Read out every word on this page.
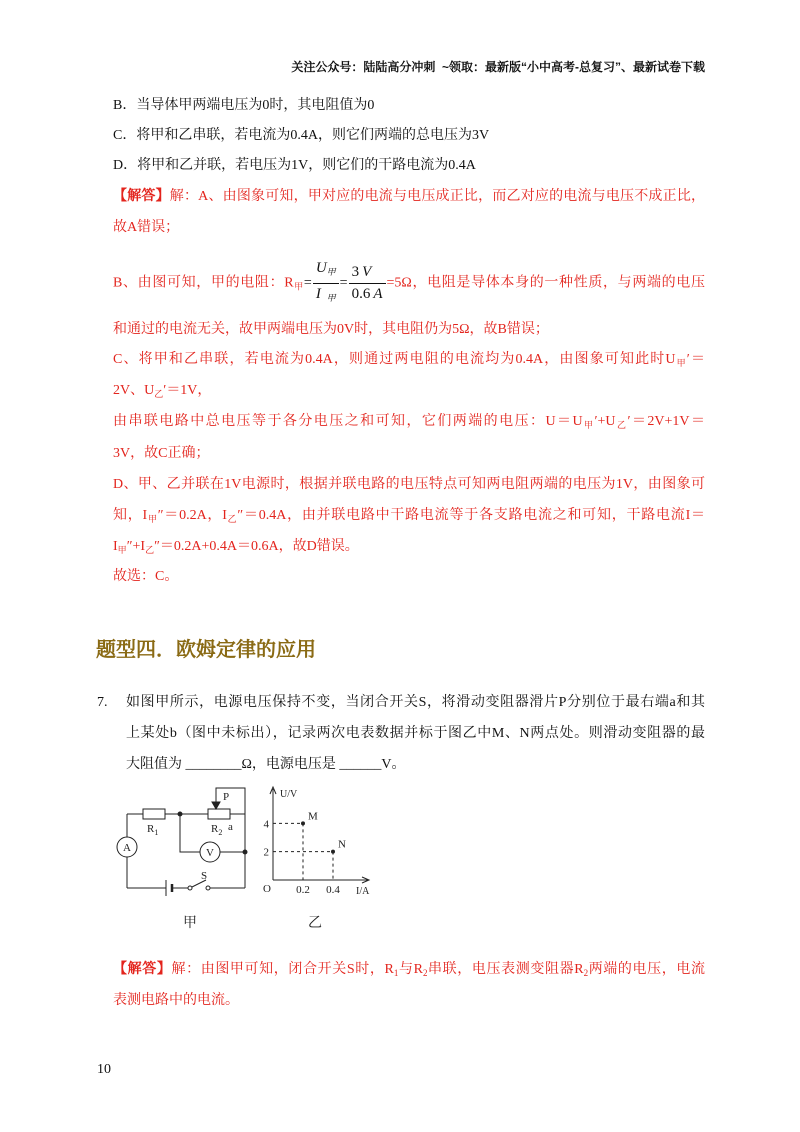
关注公众号：陆陆高分冲刺  ~领取：最新版“小中高考-总复习”、最新试卷下载
B．当导体甲两端电压为0时，其电阻值为0
C．将甲和乙串联，若电流为0.4A，则它们两端的总电压为3V
D．将甲和乙并联，若电压为1V，则它们的干路电流为0.4A
【解答】解：A、由图象可知，甲对应的电流与电压成正比，而乙对应的电流与电压不成正比，
故A错误；
B、由图可知，甲的电阻：$R_甲= \frac{U_甲}{I_甲} = \frac{3 V}{0.6 A} =5\Omega$，电阻是导体本身的一种性质，与两端的电压
和通过的电流无关，故甲两端电压为0V时，其电阻仍为5Ω，故B错误；
C、将甲和乙串联，若电流为0.4A，则通过两电阻的电流均为0.4A，由图象可知此时$U_甲'=$
2V、$U_乙'=1V$，
由串联电路中总电压等于各分电压之和可知，它们两端的电压：$U=U_甲'+U_乙'=2V+1V=$
3V，故C正确；
D、甲、乙并联在1V电源时，根据并联电路的电压特点可知两电阻两端的电压为1V，由图象可
知，$I_甲''=0.2A$，$I_乙''=0.4A$，由并联电路中干路电流等于各支路电流之和可知，干路电流I＝
$I_甲''+I_乙''=0.2A+0.4A=0.6A$，故D错误。
故选：C。
题型四．欧姆定律的应用
7. 如图甲所示，电源电压保持不变，当闭合开关S，将滑动变阻器滑片P分别位于最右端a和其
上某处b（图中未标出），记录两次电表数据并标于图乙中M、N两点处。则滑动变阻器的最
大阻值为 ________Ω，电源电压是 ______V。
A	V
$R_1$	$R_2$ a
P
S
甲
U/V
I/A
O
4
2
0.2 0.4
M
N
乙
【解答】解：由图甲可知，闭合开关S时，$R_1$与$R_2$串联，电压表测变阻器$R_2$两端的电压，电流
表测电路中的电流。
10
